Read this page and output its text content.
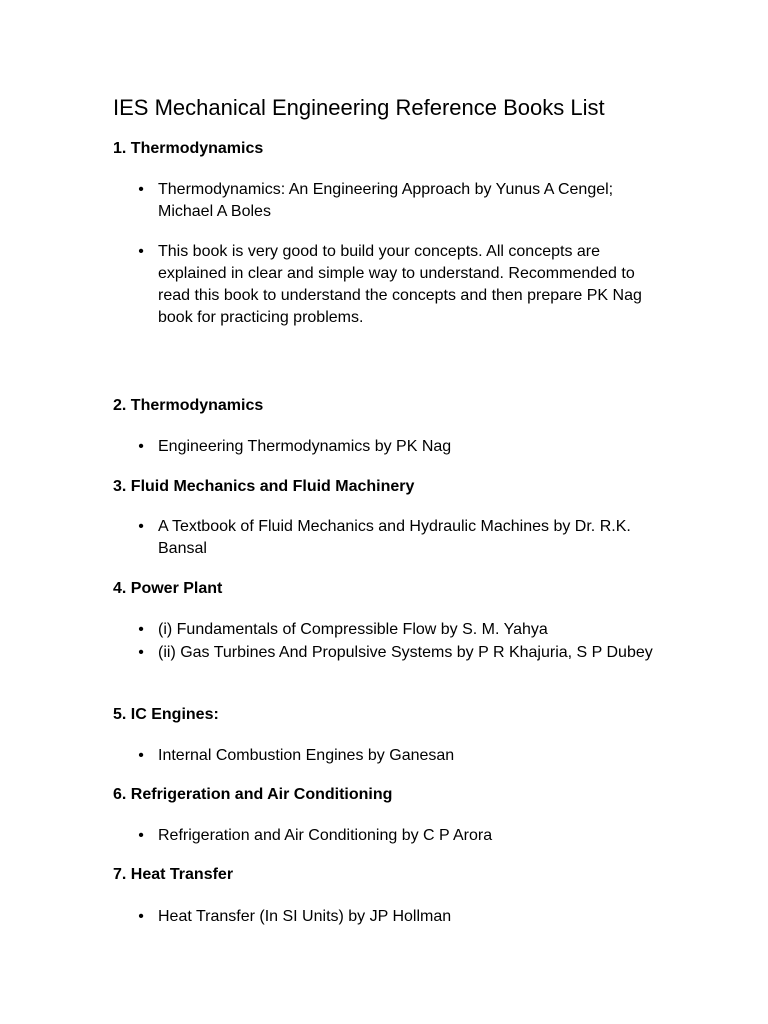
IES Mechanical Engineering Reference Books List
1. Thermodynamics
• Thermodynamics: An Engineering Approach by Yunus A Cengel; Michael A Boles
• This book is very good to build your concepts. All concepts are explained in clear and simple way to understand. Recommended to read this book to understand the concepts and then prepare PK Nag book for practicing problems.
2. Thermodynamics
• Engineering Thermodynamics by PK Nag
3. Fluid Mechanics and Fluid Machinery
• A Textbook of Fluid Mechanics and Hydraulic Machines by Dr. R.K. Bansal
4. Power Plant
• (i) Fundamentals of Compressible Flow by S. M. Yahya
• (ii) Gas Turbines And Propulsive Systems by P R Khajuria, S P Dubey
5. IC Engines:
• Internal Combustion Engines by Ganesan
6. Refrigeration and Air Conditioning
• Refrigeration and Air Conditioning by C P Arora
7. Heat Transfer
• Heat Transfer (In SI Units) by JP Hollman
